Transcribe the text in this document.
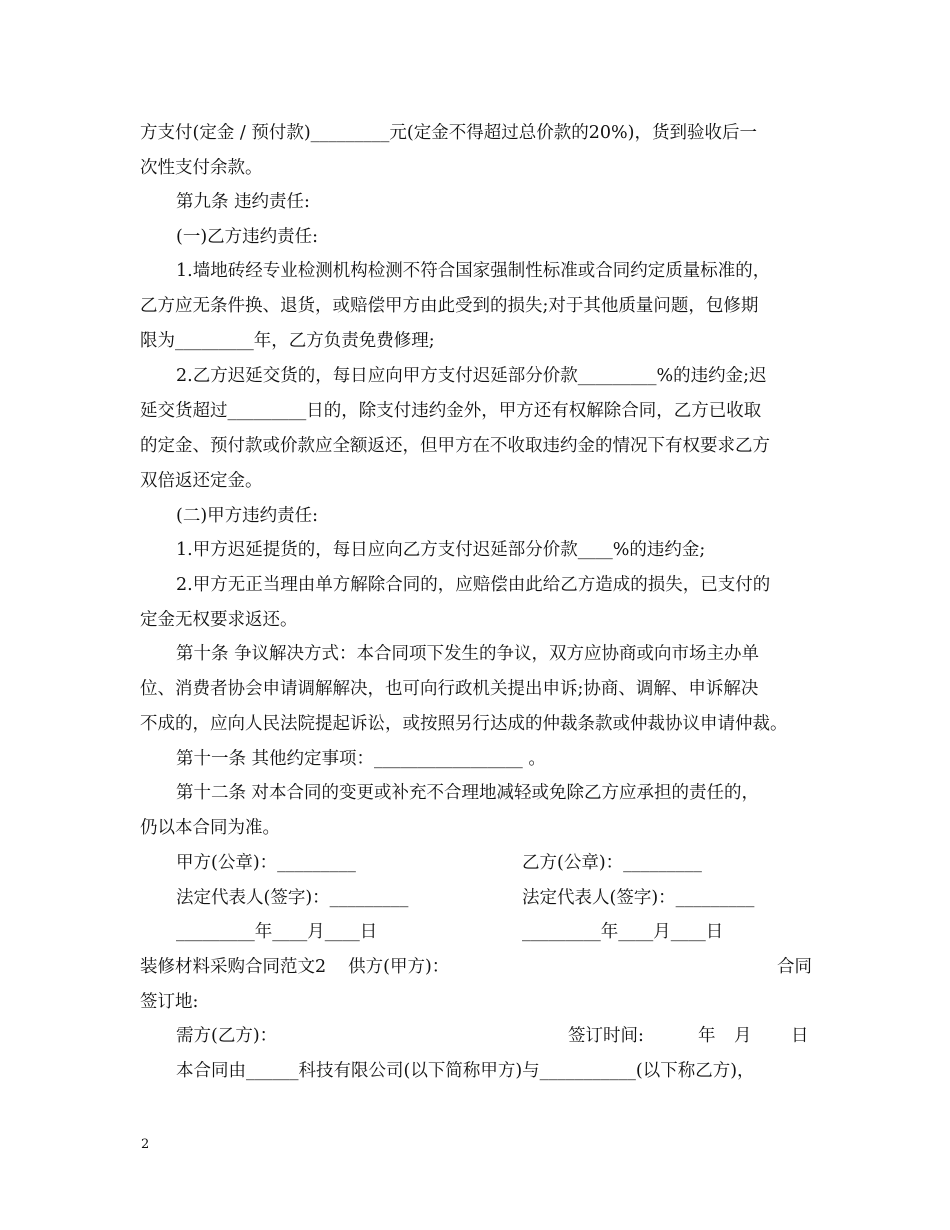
方支付(定金 / 预付款)_________元(定金不得超过总价款的20%)，货到验收后一
次性支付余款。
第九条 违约责任:
(一)乙方违约责任:
1.墙地砖经专业检测机构检测不符合国家强制性标准或合同约定质量标准的，
乙方应无条件换、退货，或赔偿甲方由此受到的损失;对于其他质量问题，包修期
限为_________年，乙方负责免费修理;
2.乙方迟延交货的，每日应向甲方支付迟延部分价款_________%的违约金;迟
延交货超过_________日的，除支付违约金外，甲方还有权解除合同，乙方已收取
的定金、预付款或价款应全额返还，但甲方在不收取违约金的情况下有权要求乙方
双倍返还定金。
(二)甲方违约责任:
1.甲方迟延提货的，每日应向乙方支付迟延部分价款____%的违约金;
2.甲方无正当理由单方解除合同的，应赔偿由此给乙方造成的损失，已支付的
定金无权要求返还。
第十条 争议解决方式：本合同项下发生的争议，双方应协商或向市场主办单
位、消费者协会申请调解解决，也可向行政机关提出申诉;协商、调解、申诉解决
不成的，应向人民法院提起诉讼，或按照另行达成的仲裁条款或仲裁协议申请仲裁。
第十一条 其他约定事项：_________________ 。
第十二条 对本合同的变更或补充不合理地减轻或免除乙方应承担的责任的，
仍以本合同为准。
甲方(公章)：_________	乙方(公章)：_________
法定代表人(签字)：_________	法定代表人(签字)：_________
_________年____月____日	_________年____月____日
装修材料采购合同范文2 供方(甲方)：	合同
签订地:
需方(乙方)：	签订时间:	年 月 日
本合同由______科技有限公司(以下简称甲方)与___________(以下称乙方)，
2
